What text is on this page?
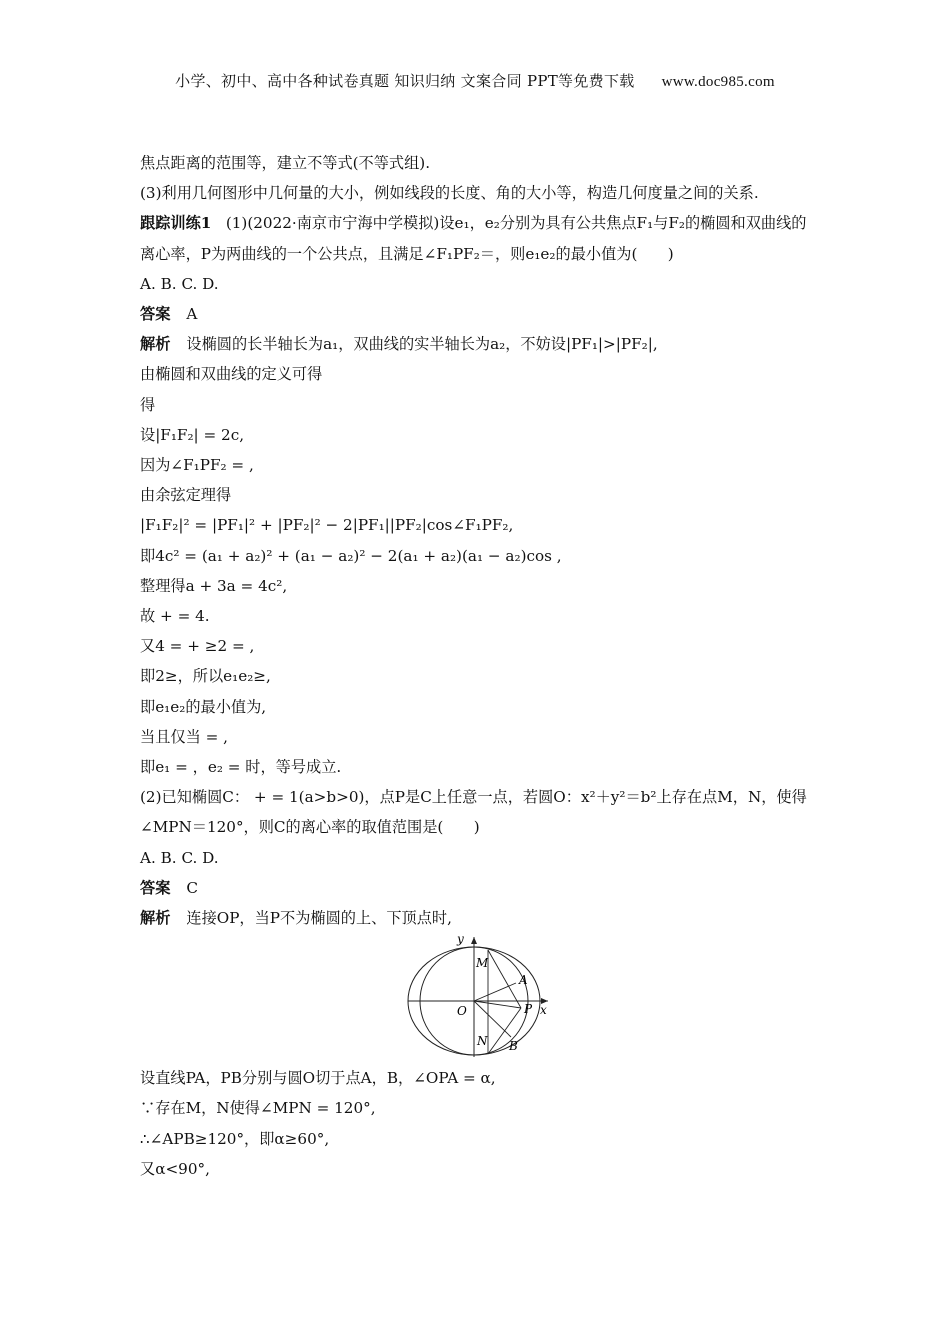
小学、初中、高中各种试卷真题 知识归纳 文案合同 PPT等免费下载 www.doc985.com

焦点距离的范围等，建立不等式(不等式组).

(3)利用几何图形中几何量的大小，例如线段的长度、角的大小等，构造几何度量之间的关系.

跟踪训练1 (1)(2022·南京市宁海中学模拟)设e₁，e₂分别为具有公共焦点F₁与F₂的椭圆和双曲线的离心率，P为两曲线的一个公共点，且满足∠F₁PF₂＝，则e₁e₂的最小值为(　　)

A. B. C. D.

答案 A

解析 设椭圆的长半轴长为a₁，双曲线的实半轴长为a₂，不妨设|PF₁|>|PF₂|,

由椭圆和双曲线的定义可得

得

设|F₁F₂| = 2c,

因为∠F₁PF₂ = ,

由余弦定理得

|F₁F₂|² = |PF₁|² + |PF₂|² − 2|PF₁||PF₂|cos∠F₁PF₂,

即4c² = (a₁ + a₂)² + (a₁ − a₂)² − 2(a₁ + a₂)(a₁ − a₂)cos ,

整理得a + 3a = 4c²,

故 + = 4.

又4 = + ≥2 = ,

即2≥，所以e₁e₂≥,

即e₁e₂的最小值为,

当且仅当 = ,

即e₁ = ，e₂ = 时，等号成立.

(2)已知椭圆C： + = 1(a>b>0)，点P是C上任意一点，若圆O：x²＋y²＝b²上存在点M，N，使得∠MPN＝120°，则C的离心率的取值范围是(　　)

A. B. C. D.

答案 C

解析 连接OP，当P不为椭圆的上、下顶点时,

y
x
O
M
A
P
N B

设直线PA，PB分别与圆O切于点A，B，∠OPA = α,

∵存在M，N使得∠MPN = 120°,

∴∠APB≥120°，即α≥60°,

又α<90°,
